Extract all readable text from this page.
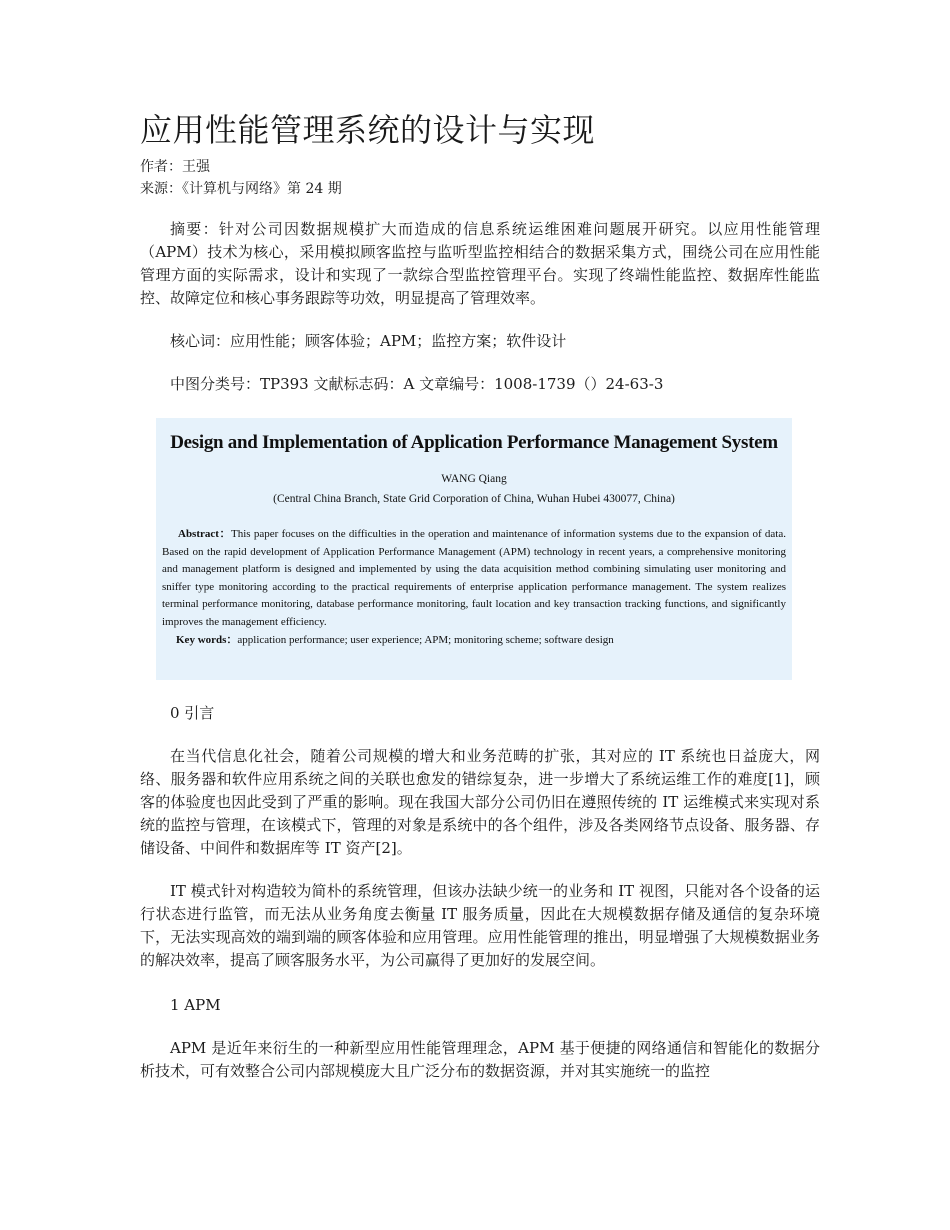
应用性能管理系统的设计与实现

作者：王强

来源：《计算机与网络》第 24 期

摘要：针对公司因数据规模扩大而造成的信息系统运维困难问题展开研究。以应用性能管理（APM）技术为核心，采用模拟顾客监控与监听型监控相结合的数据采集方式，围绕公司在应用性能管理方面的实际需求，设计和实现了一款综合型监控管理平台。实现了终端性能监控、数据库性能监控、故障定位和核心事务跟踪等功效，明显提高了管理效率。

核心词：应用性能；顾客体验；APM；监控方案；软件设计

中图分类号：TP393 文献标志码：A 文章编号：1008-1739（）24-63-3

Design and Implementation of Application Performance Management System
WANG Qiang
(Central China Branch, State Grid Corporation of China, Wuhan Hubei 430077, China)
Abstract：This paper focuses on the difficulties in the operation and maintenance of information systems due to the expansion of data. Based on the rapid development of Application Performance Management (APM) technology in recent years, a comprehensive monitoring and management platform is designed and implemented by using the data acquisition method combining simulating user monitoring and sniffer type monitoring according to the practical requirements of enterprise application performance management. The system realizes terminal performance monitoring, database performance monitoring, fault location and key transaction tracking functions, and significantly improves the management efficiency.
Key words：application performance; user experience; APM; monitoring scheme; software design

0 引言

在当代信息化社会，随着公司规模的增大和业务范畴的扩张，其对应的 IT 系统也日益庞大，网络、服务器和软件应用系统之间的关联也愈发的错综复杂，进一步增大了系统运维工作的难度[1]，顾客的体验度也因此受到了严重的影响。现在我国大部分公司仍旧在遵照传统的 IT 运维模式来实现对系统的监控与管理，在该模式下，管理的对象是系统中的各个组件，涉及各类网络节点设备、服务器、存储设备、中间件和数据库等 IT 资产[2]。

IT 模式针对构造较为简朴的系统管理，但该办法缺少统一的业务和 IT 视图，只能对各个设备的运行状态进行监管，而无法从业务角度去衡量 IT 服务质量，因此在大规模数据存储及通信的复杂环境下，无法实现高效的端到端的顾客体验和应用管理。应用性能管理的推出，明显增强了大规模数据业务的解决效率，提高了顾客服务水平，为公司赢得了更加好的发展空间。

1 APM

APM 是近年来衍生的一种新型应用性能管理理念，APM 基于便捷的网络通信和智能化的数据分析技术，可有效整合公司内部规模庞大且广泛分布的数据资源，并对其实施统一的监控
